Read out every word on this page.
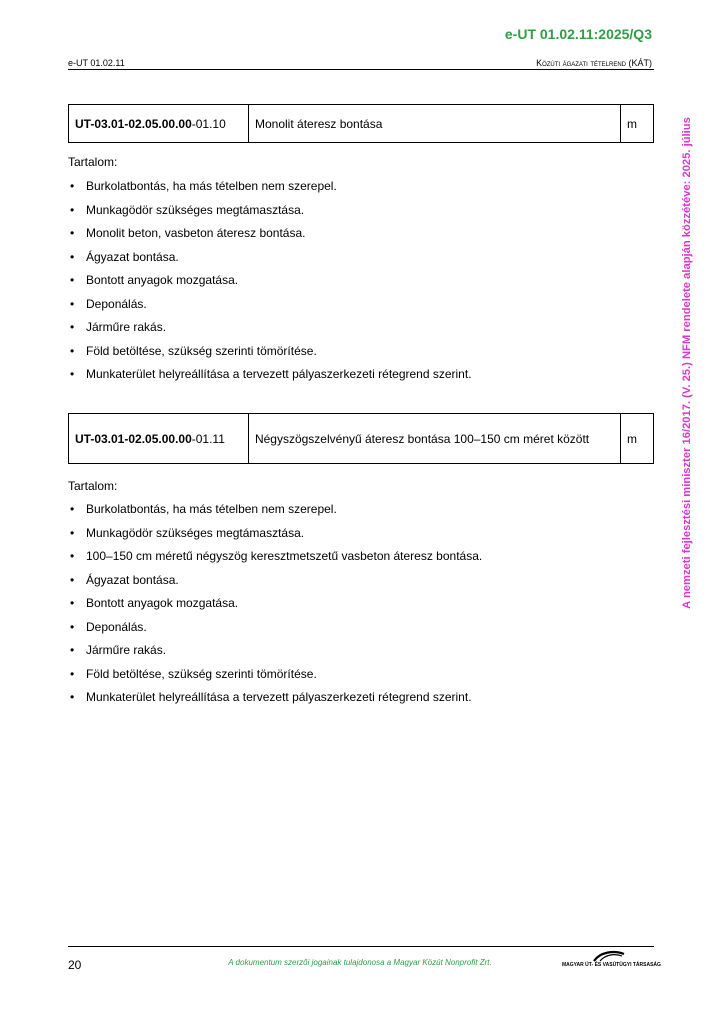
e-UT 01.02.11:2025/Q3
e-UT 01.02.11	Közúti ágazati tételrend (KÁT)
A nemzeti fejlesztési miniszter 16/2017. (V. 25.) NFM rendelete alapján közzétéve: 2025. július
UT-03.01-02.05.00.00-01.10	Monolit áteresz bontása	m
Tartalom:
• Burkolatbontás, ha más tételben nem szerepel.
• Munkagödör szükséges megtámasztása.
• Monolit beton, vasbeton áteresz bontása.
• Ágyazat bontása.
• Bontott anyagok mozgatása.
• Deponálás.
• Járműre rakás.
• Föld betöltése, szükség szerinti tömörítése.
• Munkaterület helyreállítása a tervezett pályaszerkezeti rétegrend szerint.
UT-03.01-02.05.00.00-01.11	Négyszögszelvényű áteresz bontása 100–150 cm méret között	m
Tartalom:
• Burkolatbontás, ha más tételben nem szerepel.
• Munkagödör szükséges megtámasztása.
• 100–150 cm méretű négyszög keresztmetszetű vasbeton áteresz bontása.
• Ágyazat bontása.
• Bontott anyagok mozgatása.
• Deponálás.
• Járműre rakás.
• Föld betöltése, szükség szerinti tömörítése.
• Munkaterület helyreállítása a tervezett pályaszerkezeti rétegrend szerint.
20	A dokumentum szerzői jogainak tulajdonosa a Magyar Közút Nonprofit Zrt.	MAGYAR ÚT- ÉS VASÚTÜGYI TÁRSASÁG
